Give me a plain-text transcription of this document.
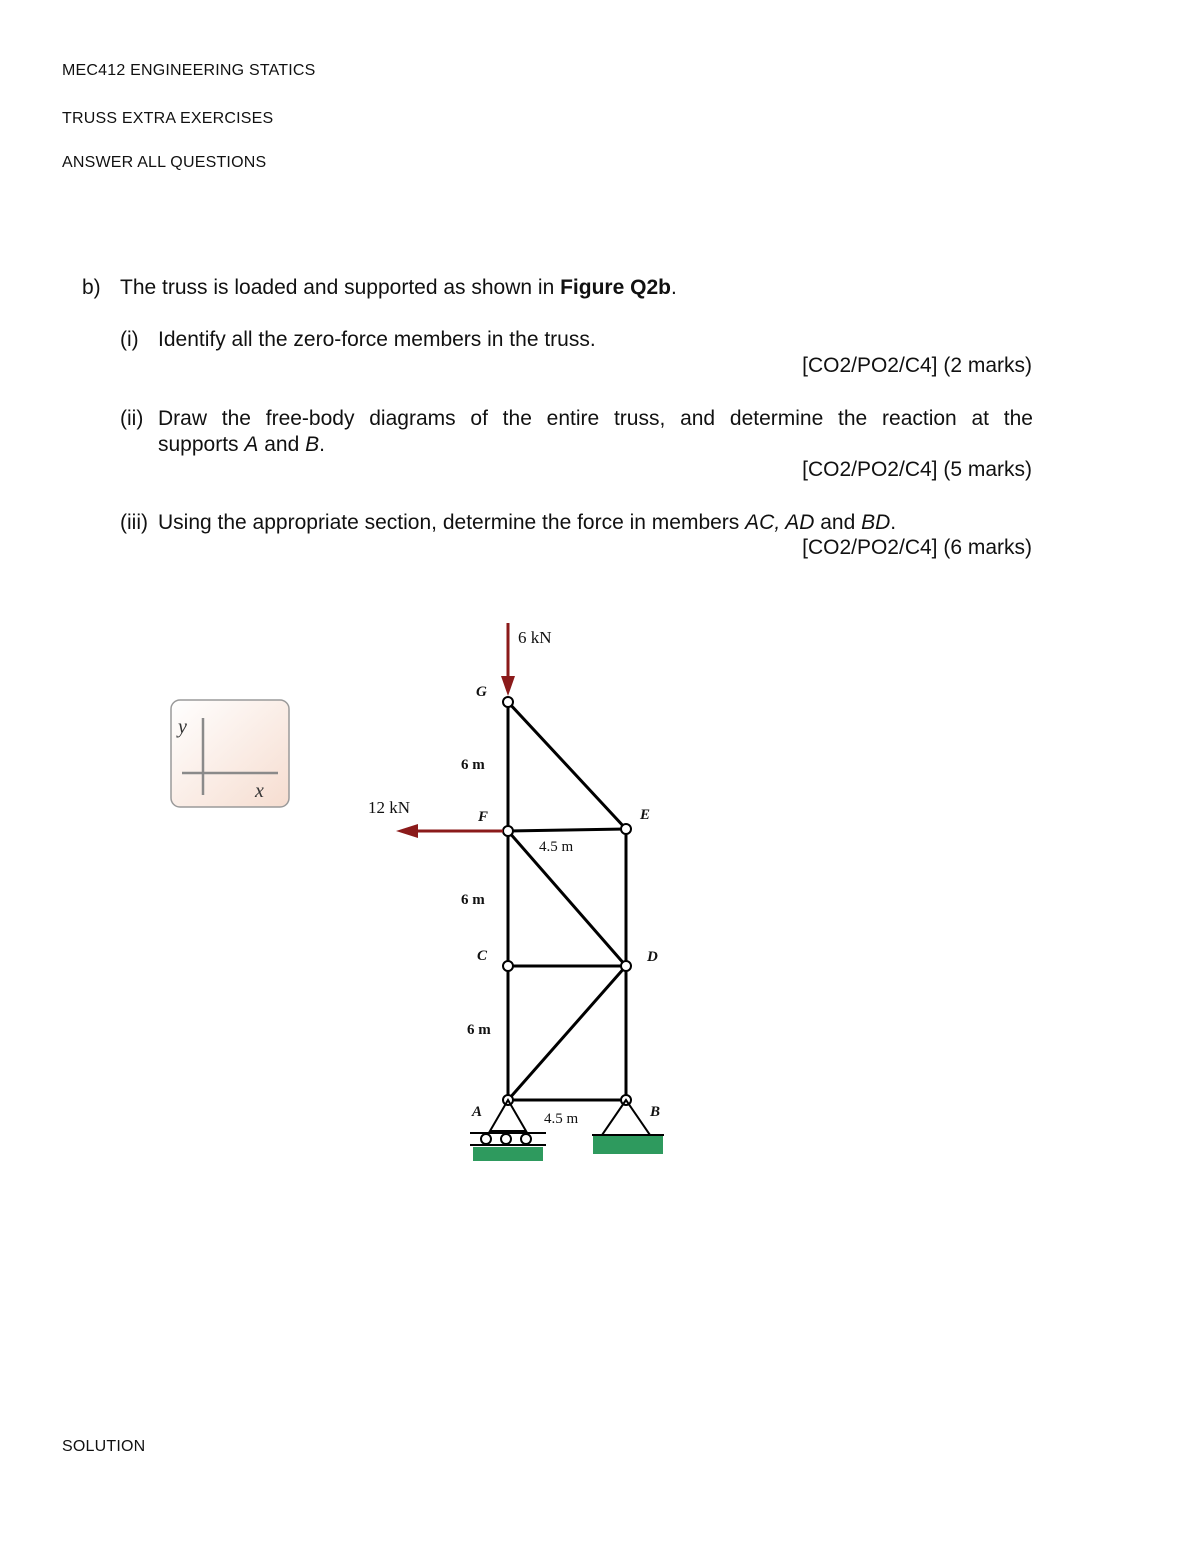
MEC412 ENGINEERING STATICS
TRUSS EXTRA EXERCISES
ANSWER ALL QUESTIONS
b) The truss is loaded and supported as shown in Figure Q2b.
(i) Identify all the zero-force members in the truss.
[CO2/PO2/C4] (2 marks)
(ii) Draw the free-body diagrams of the entire truss, and determine the reaction at the
supports A and B.
[CO2/PO2/C4] (5 marks)
(iii) Using the appropriate section, determine the force in members AC, AD and BD.
[CO2/PO2/C4] (6 marks)
y
x
6 kN
12 kN
G
F	E
C	D
A	B
6 m
6 m
6 m
4.5 m
4.5 m
SOLUTION
